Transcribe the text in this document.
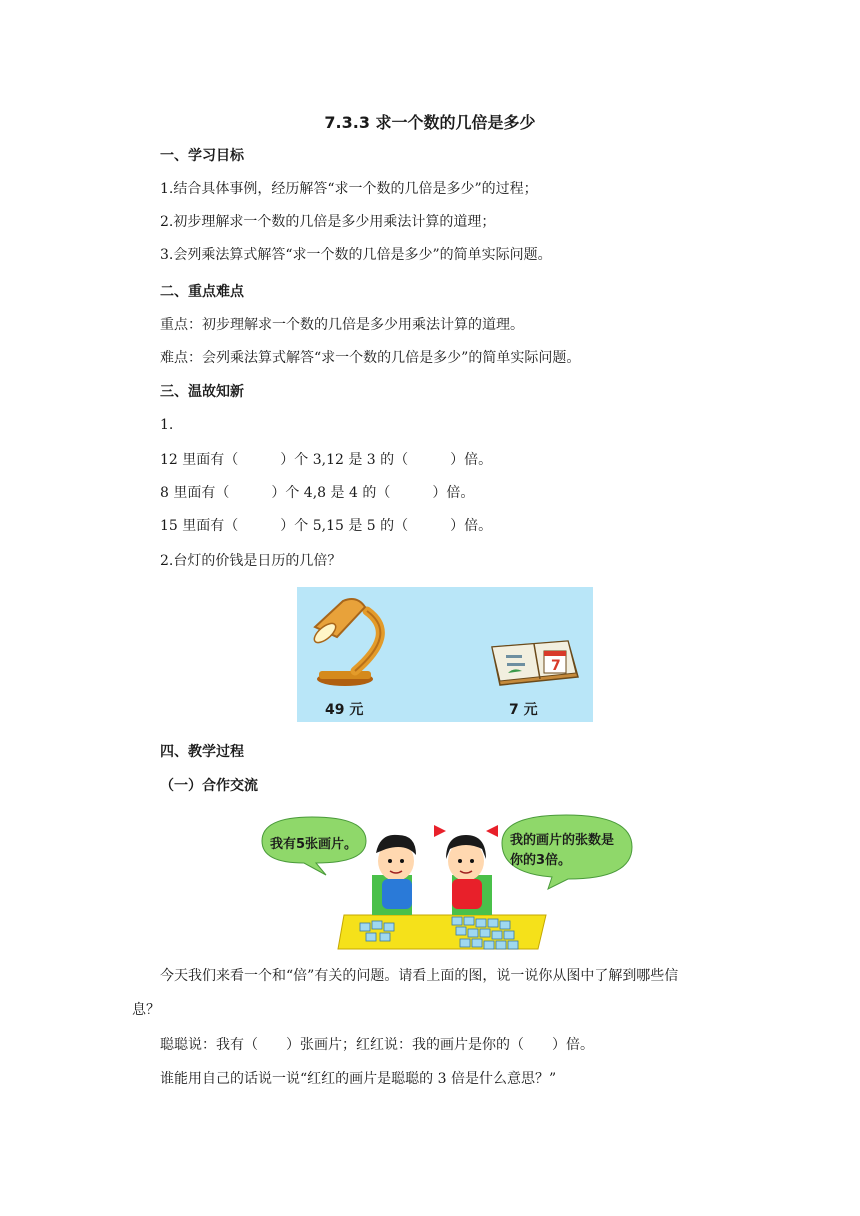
7.3.3 求一个数的几倍是多少
一、学习目标
1.结合具体事例，经历解答“求一个数的几倍是多少”的过程；
2.初步理解求一个数的几倍是多少用乘法计算的道理；
3.会列乘法算式解答“求一个数的几倍是多少”的简单实际问题。
二、重点难点
重点：初步理解求一个数的几倍是多少用乘法计算的道理。
难点：会列乘法算式解答“求一个数的几倍是多少”的简单实际问题。
三、温故知新
1.
12 里面有（　　　）个 3,12 是 3 的（　　　）倍。
8 里面有（　　　）个 4,8 是 4 的（　　　）倍。
15 里面有（　　　）个 5,15 是 5 的（　　　）倍。
2.台灯的价钱是日历的几倍？
7
49 元	7 元
四、教学过程
（一）合作交流
我有5张画片。	我的画片的张数是
你的3倍。
今天我们来看一个和“倍”有关的问题。请看上面的图，说一说你从图中了解到哪些信
息？
聪聪说：我有（　　）张画片；红红说：我的画片是你的（　　）倍。
谁能用自己的话说一说“红红的画片是聪聪的 3 倍是什么意思？”
